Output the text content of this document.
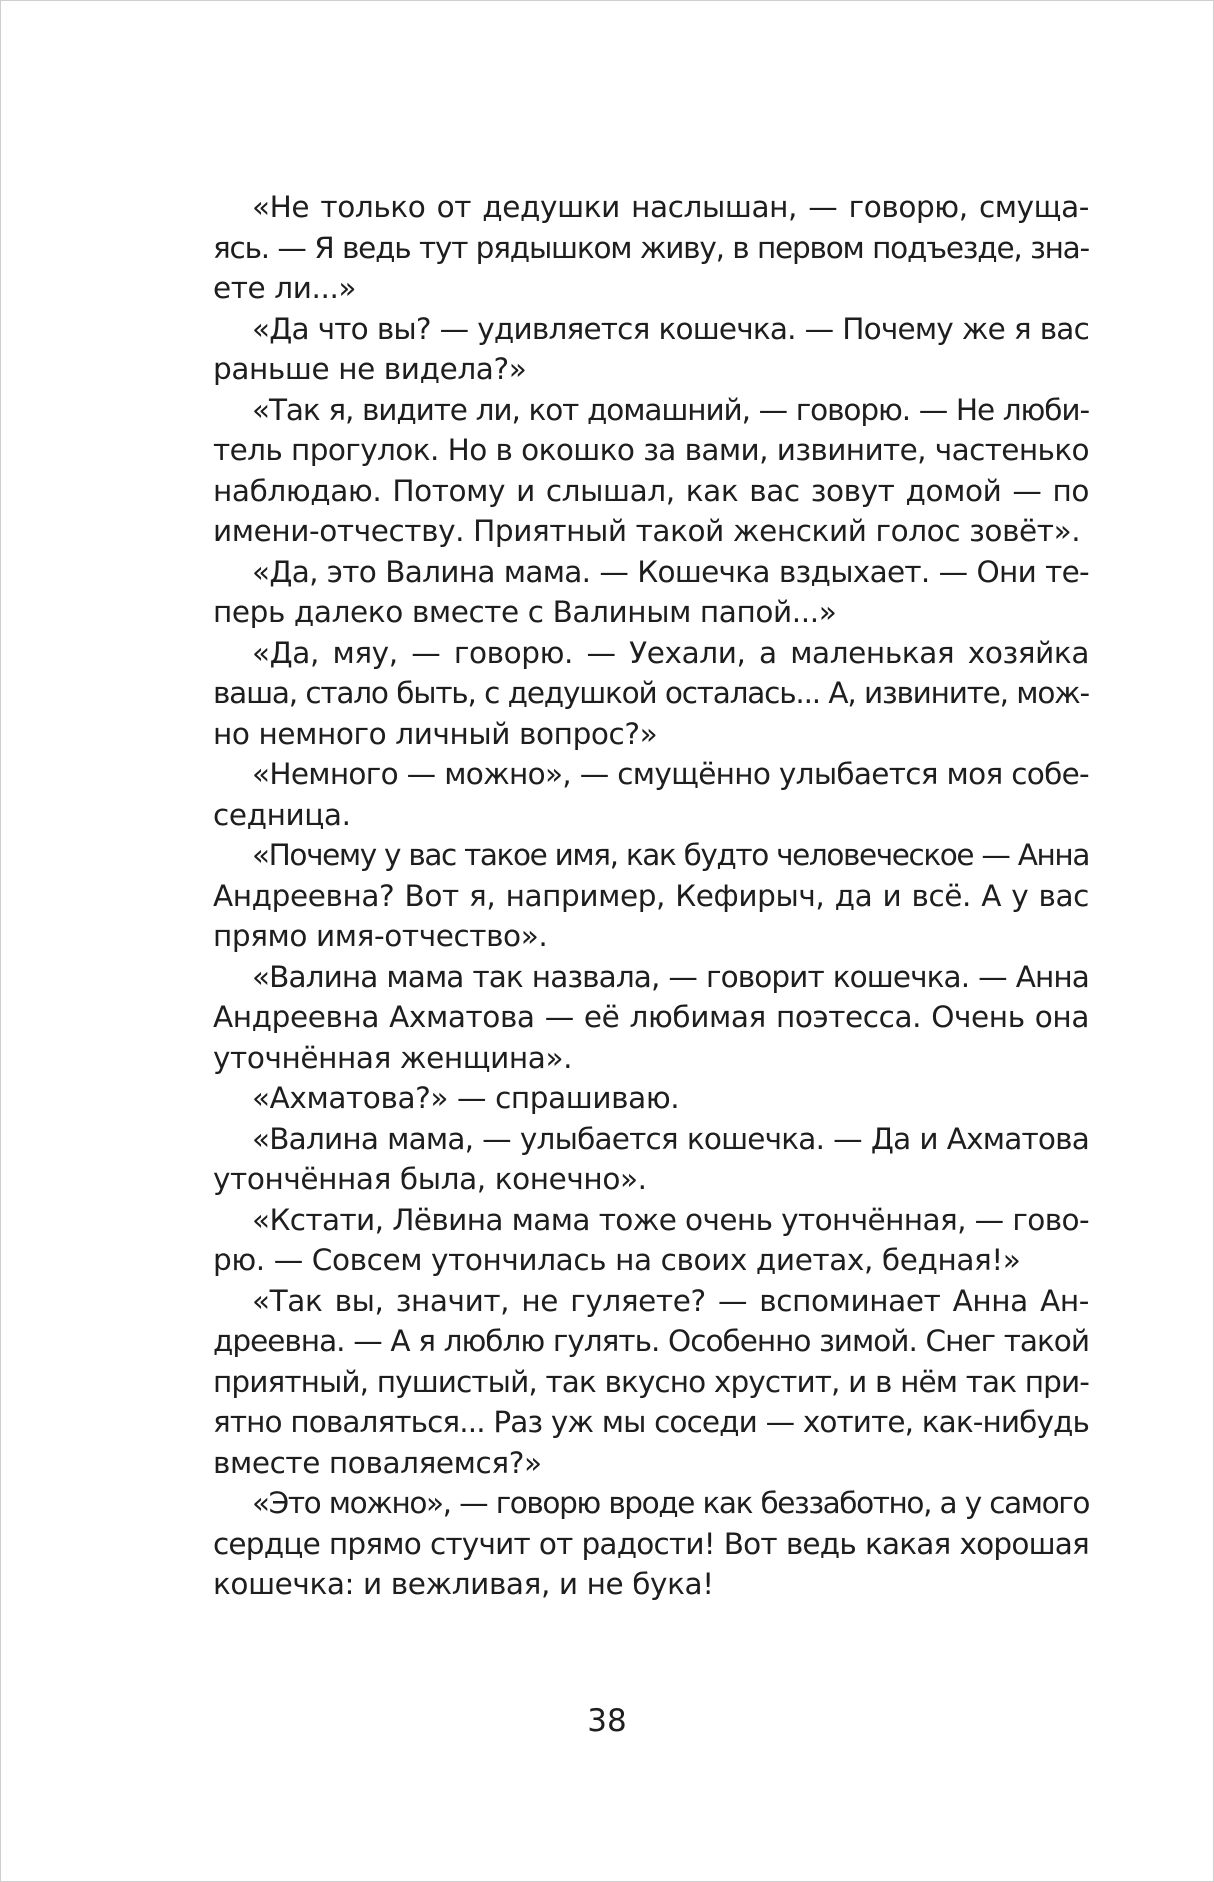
«Не только от дедушки наслышан, — говорю, смуща-
ясь. — Я ведь тут рядышком живу, в первом подъезде, зна-
ете ли...»
«Да что вы? — удивляется кошечка. — Почему же я вас
раньше не видела?»
«Так я, видите ли, кот домашний, — говорю. — Не люби-
тель прогулок. Но в окошко за вами, извините, частенько
наблюдаю. Потому и слышал, как вас зовут домой — по
имени-отчеству. Приятный такой женский голос зовёт».
«Да, это Валина мама. — Кошечка вздыхает. — Они те-
перь далеко вместе с Валиным папой...»
«Да, мяу, — говорю. — Уехали, а маленькая хозяйка
ваша, стало быть, с дедушкой осталась... А, извините, мож-
но немного личный вопрос?»
«Немного — можно», — смущённо улыбается моя собе-
седница.
«Почему у вас такое имя, как будто человеческое — Анна
Андреевна? Вот я, например, Кефирыч, да и всё. А у вас
прямо имя-отчество».
«Валина мама так назвала, — говорит кошечка. — Анна
Андреевна Ахматова — её любимая поэтесса. Очень она
уточнённая женщина».
«Ахматова?» — спрашиваю.
«Валина мама, — улыбается кошечка. — Да и Ахматова
утончённая была, конечно».
«Кстати, Лёвина мама тоже очень утончённая, — гово-
рю. — Совсем утончилась на своих диетах, бедная!»
«Так вы, значит, не гуляете? — вспоминает Анна Ан-
дреевна. — А я люблю гулять. Особенно зимой. Снег такой
приятный, пушистый, так вкусно хрустит, и в нём так при-
ятно поваляться... Раз уж мы соседи — хотите, как-нибудь
вместе поваляемся?»
«Это можно», — говорю вроде как беззаботно, а у самого
сердце прямо стучит от радости! Вот ведь какая хорошая
кошечка: и вежливая, и не бука!
38
